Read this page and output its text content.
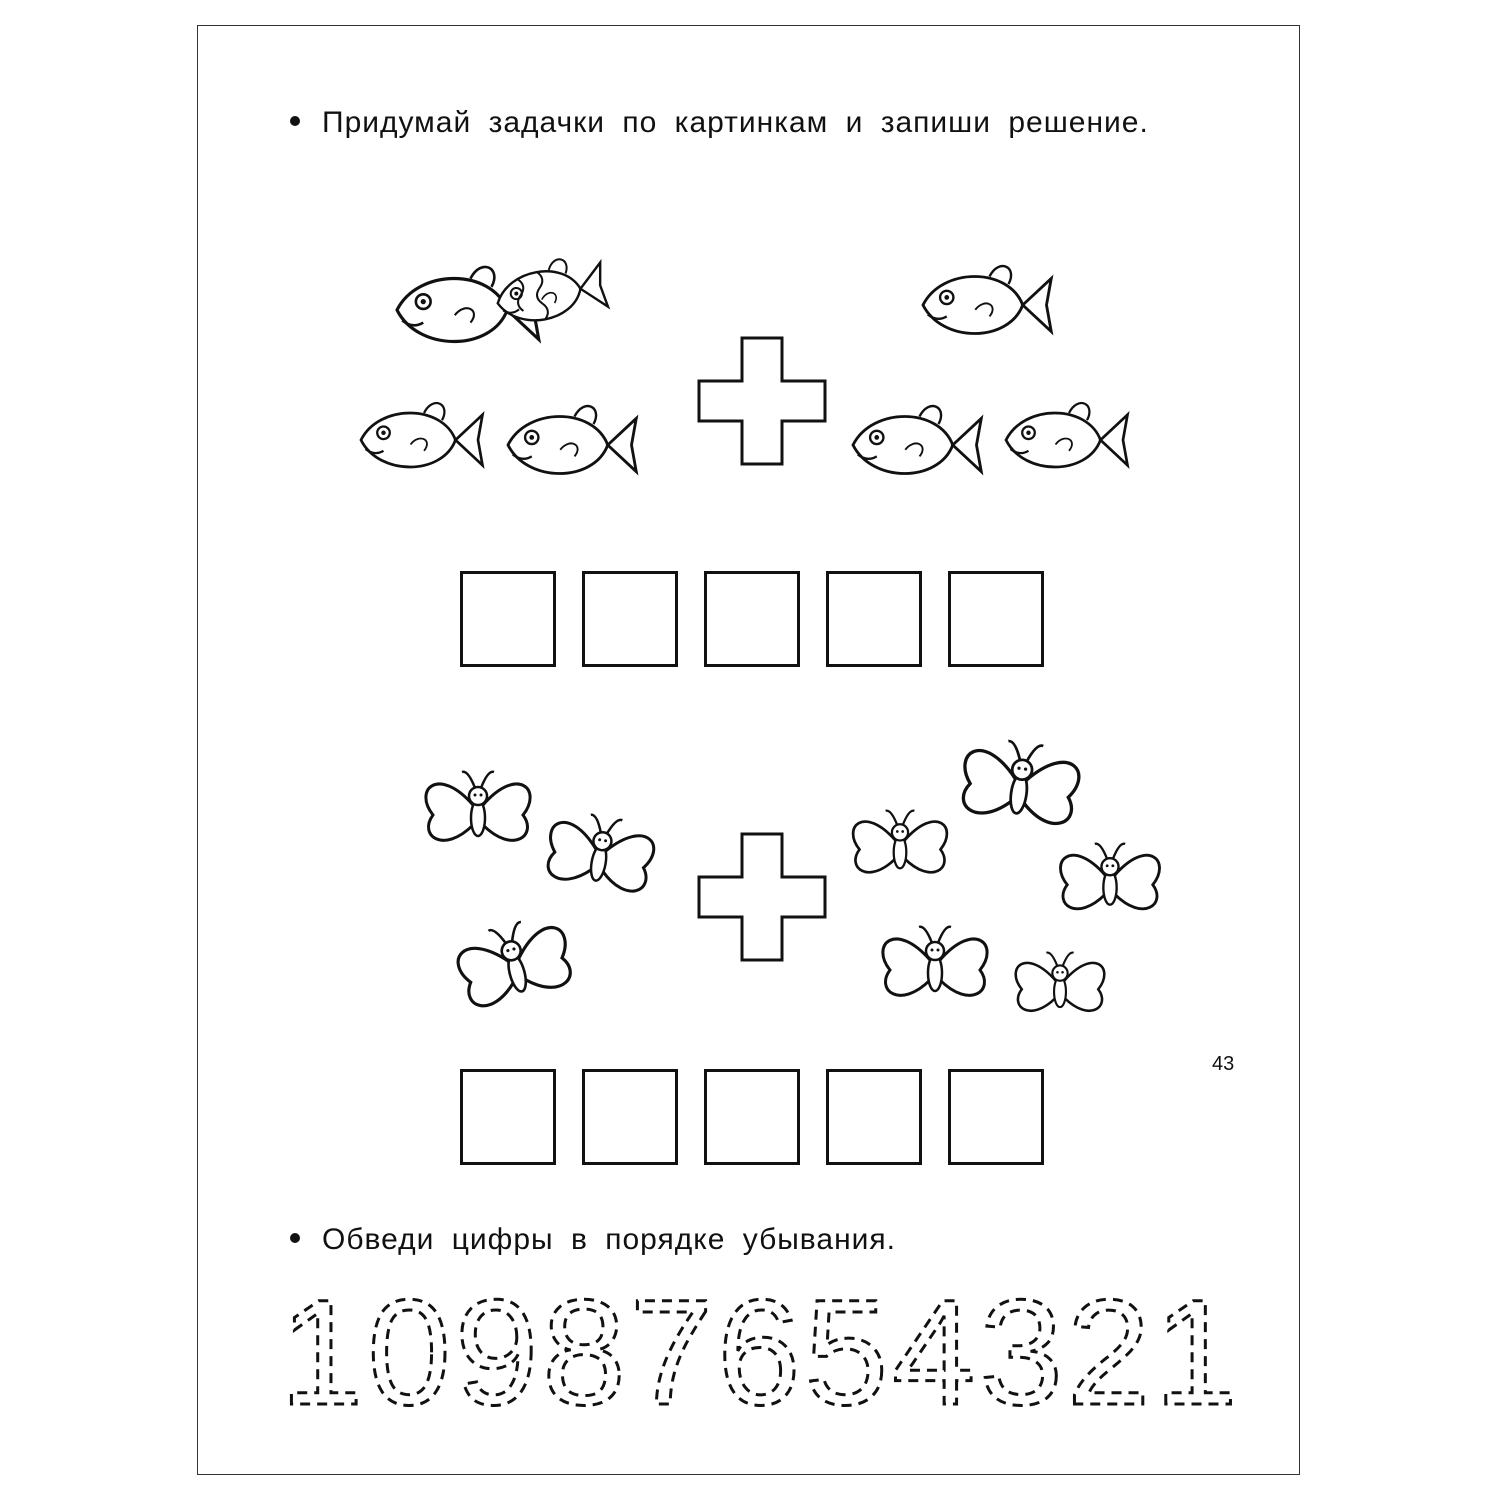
Придумай задачки по картинкам и запиши решение.
Обведи цифры в порядке убывания.
10987654321
43
